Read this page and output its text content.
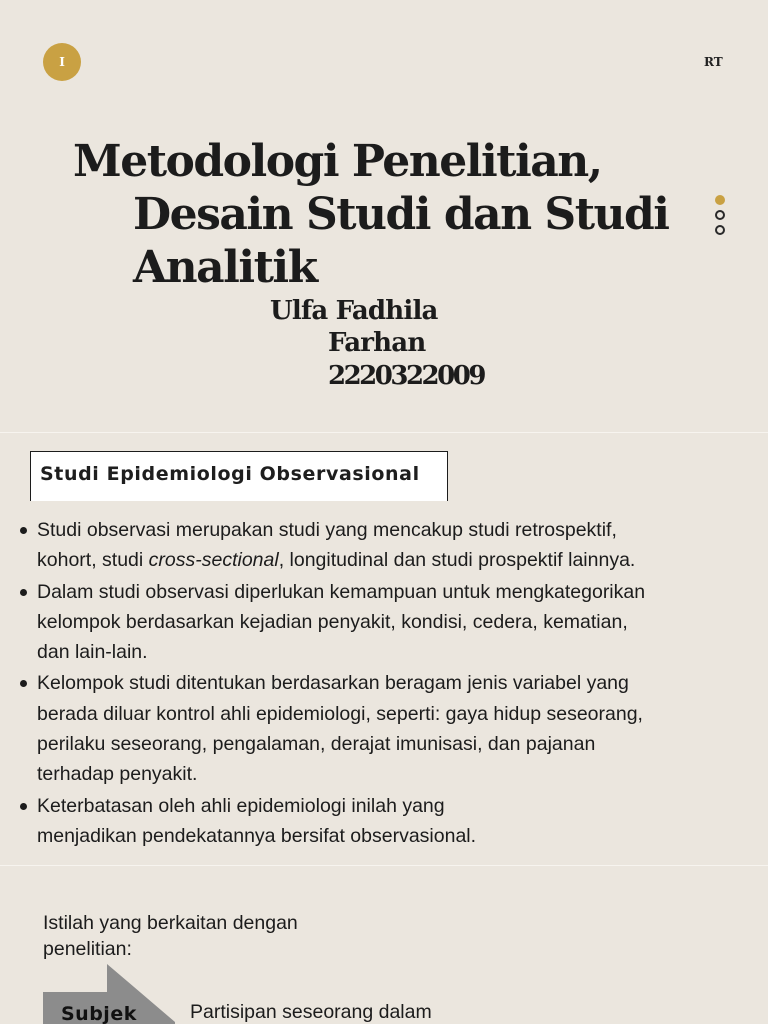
I	RT
Metodologi Penelitian,
Desain Studi dan Studi
Analitik
Ulfa Fadhila
Farhan
2220322009
Studi Epidemiologi Observasional
Studi observasi merupakan studi yang mencakup studi retrospektif,
kohort, studi cross-sectional, longitudinal dan studi prospektif lainnya.
Dalam studi observasi diperlukan kemampuan untuk mengkategorikan
kelompok berdasarkan kejadian penyakit, kondisi, cedera, kematian,
dan lain-lain.
Kelompok studi ditentukan berdasarkan beragam jenis variabel yang
berada diluar kontrol ahli epidemiologi, seperti: gaya hidup seseorang,
perilaku seseorang, pengalaman, derajat imunisasi, dan pajanan
terhadap penyakit.
Keterbatasan oleh ahli epidemiologi inilah yang
menjadikan pendekatannya bersifat observasional.
Istilah yang berkaitan dengan
penelitian:
Subjek	Partisipan seseorang dalam
